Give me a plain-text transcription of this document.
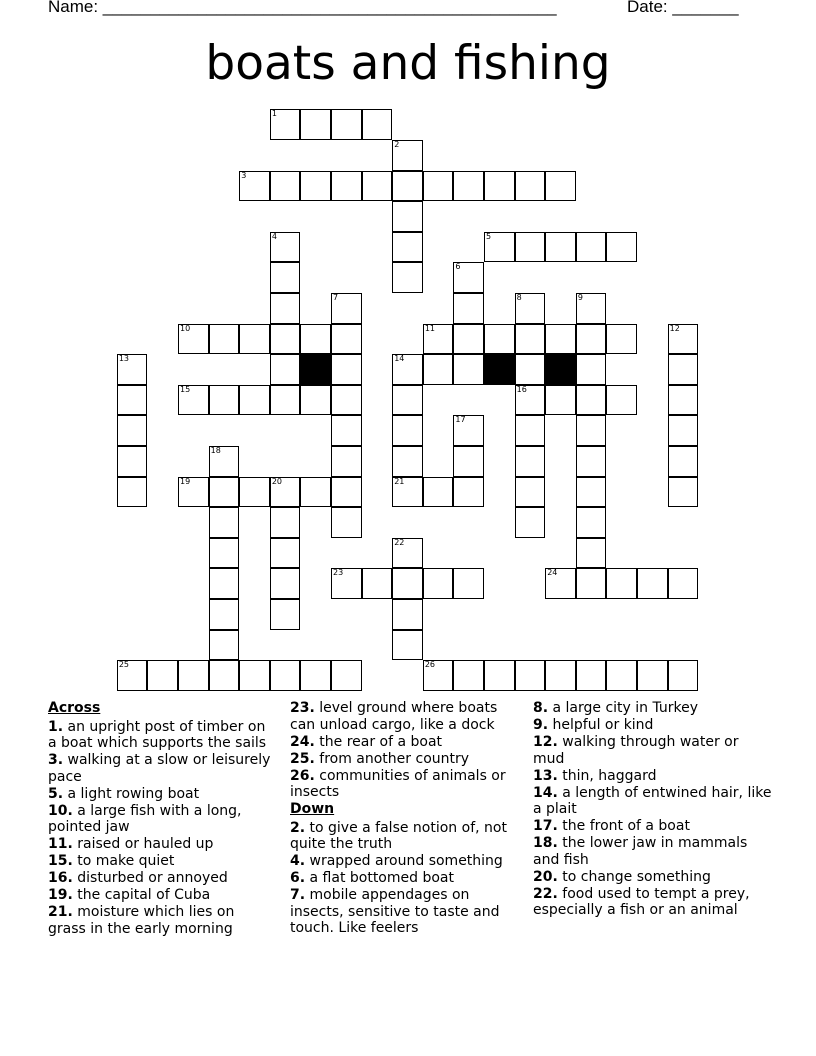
Name: ________________________________________________	Date: _______
boats and fishing
1
2
3
4	5
6
7	8	9
10	11	12
13	14
15	16
17
18
19	20	21
22
23	24
25	26
Across
1. an upright post of timber on a boat which supports the sails
3. walking at a slow or leisurely pace
5. a light rowing boat
10. a large fish with a long, pointed jaw
11. raised or hauled up
15. to make quiet
16. disturbed or annoyed
19. the capital of Cuba
21. moisture which lies on grass in the early morning
23. level ground where boats can unload cargo, like a dock
24. the rear of a boat
25. from another country
26. communities of animals or insects
Down
2. to give a false notion of, not quite the truth
4. wrapped around something
6. a flat bottomed boat
7. mobile appendages on insects, sensitive to taste and touch. Like feelers
8. a large city in Turkey
9. helpful or kind
12. walking through water or mud
13. thin, haggard
14. a length of entwined hair, like a plait
17. the front of a boat
18. the lower jaw in mammals and fish
20. to change something
22. food used to tempt a prey, especially a fish or an animal
